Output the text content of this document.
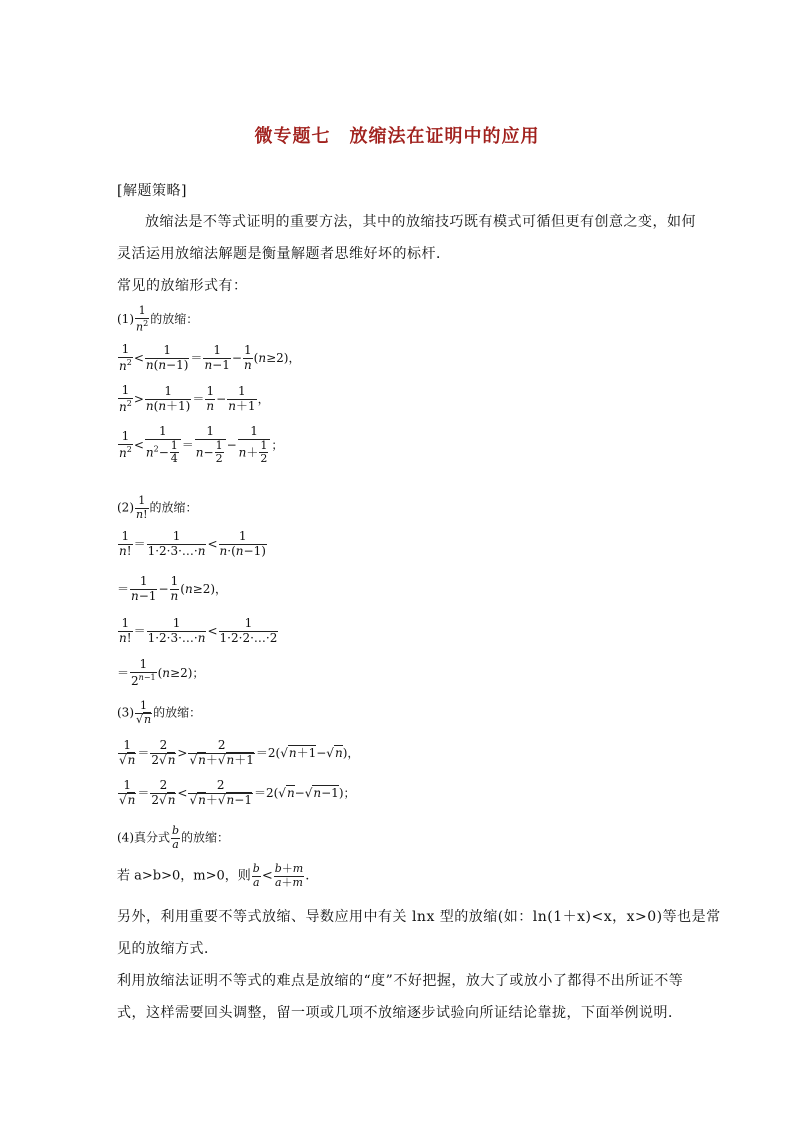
微专题七　放缩法在证明中的应用
[解题策略]
放缩法是不等式证明的重要方法，其中的放缩技巧既有模式可循但更有创意之变，如何
灵活运用放缩法解题是衡量解题者思维好坏的标杆．
常见的放缩形式有：
$(1) \frac{1}{n^2}$ 的放缩：
$\frac{1}{n^2} < \frac{1}{n(n-1)} = \frac{1}{n-1} - \frac{1}{n} (n\ge 2)$，
$\frac{1}{n^2} > \frac{1}{n(n+1)} = \frac{1}{n} - \frac{1}{n+1}$ ，
$\frac{1}{n^2} < \frac{1}{n^2- \frac{1}{4}} = \frac{1}{n- \frac{1}{2}} - \frac{1}{n+ \frac{1}{2}}$ ；
$(2) \frac{1}{n!}$ 的放缩：
$\frac{1}{n!} = \frac{1}{1\cdot 2\cdot 3\cdot\dots\cdot n} < \frac{1}{n\cdot(n-1)}$
＝ $\frac{1}{n-1} - \frac{1}{n} (n\ge 2)$，
$\frac{1}{n!} = \frac{1}{1\cdot 2\cdot 3\cdot\dots\cdot n} < \frac{1}{1\cdot 2\cdot 2\cdot\dots\cdot 2}$
＝ $\frac{1}{2^{n-1}} (n\ge 2)$；
$(3) \frac{1}{√n}$ 的放缩：
$\frac{1}{√n} = \frac{2}{2√n} > \frac{2}{√n+√n+1} =2(√n+1-√n)$，
$\frac{1}{√n} = \frac{2}{2√n} < \frac{2}{√n+√n-1} =2(√n-√n-1)$；
(4)真分式 $\frac{b}{a}$ 的放缩：
若 a>b>0，m>0，则 $\frac{b}{a} < \frac{b+m}{a+m}$ .
另外，利用重要不等式放缩、导数应用中有关 lnx 型的放缩(如：ln(1＋x)<x，x>0)等也是常
见的放缩方式．
利用放缩法证明不等式的难点是放缩的“度”不好把握，放大了或放小了都得不出所证不等
式，这样需要回头调整，留一项或几项不放缩逐步试验向所证结论靠拢，下面举例说明．
